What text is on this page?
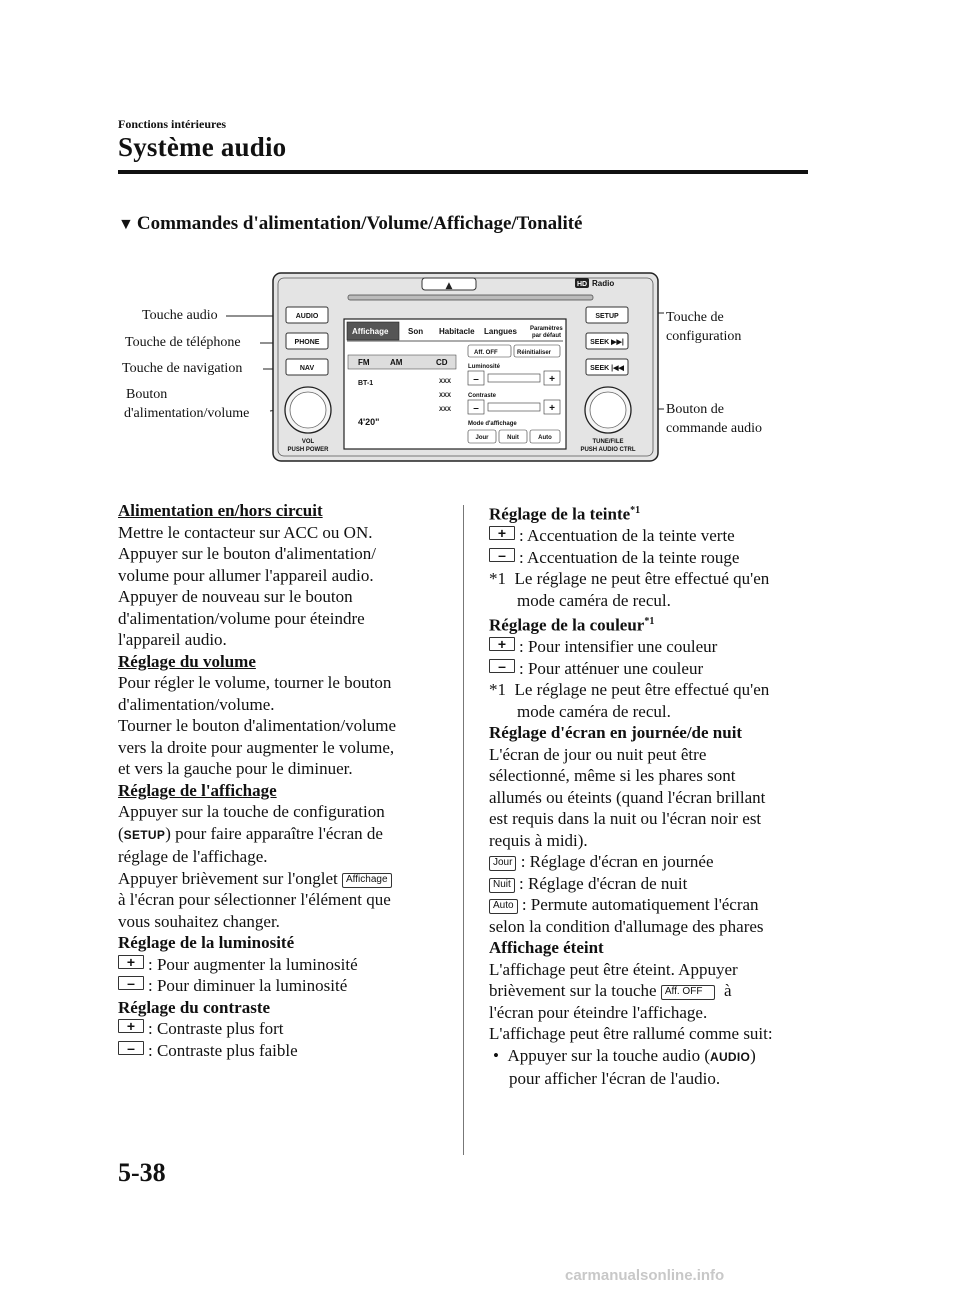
Fonctions intérieures
Système audio
▼ Commandes d'alimentation/Volume/Affichage/Tonalité
▲
AUDIO
PHONE
NAV
SETUP
SEEK ▶▶|
SEEK |◀◀
VOL
PUSH POWER
TUNE/FILE
PUSH AUDIO CTRL
HD Radio
Affichage Son Habitacle Langues Paramètres
par défaut
FM	AM	CD
BT-1
4'20"
XXX
XXX
XXX
Aff. OFF	Réinitialiser
Luminosité
Contraste
Mode d'affichage
–	+
–	+
Jour	Nuit	Auto
Touche audio
Touche de téléphone
Touche de navigation
Bouton
d'alimentation/volume
Touche de
configuration
Bouton de
commande audio

Alimentation en/hors circuit

Mettre le contacteur sur ACC ou ON.

Appuyer sur le bouton d'alimentation/

volume pour allumer l'appareil audio.

Appuyer de nouveau sur le bouton

d'alimentation/volume pour éteindre

l'appareil audio.

Réglage du volume

Pour régler le volume, tourner le bouton

d'alimentation/volume.

Tourner le bouton d'alimentation/volume

vers la droite pour augmenter le volume,

et vers la gauche pour le diminuer.

Réglage de l'affichage

Appuyer sur la touche de configuration

(SETUP) pour faire apparaître l'écran de

réglage de l'affichage.

Appuyer brièvement sur l'onglet Affichage

à l'écran pour sélectionner l'élément que

vous souhaitez changer.

Réglage de la luminosité

+ : Pour augmenter la luminosité

– : Pour diminuer la luminosité

Réglage du contraste

+ : Contraste plus fort

– : Contraste plus faible

Réglage de la teinte$^{*1}$

+ : Accentuation de la teinte verte

– : Accentuation de la teinte rouge

*1 Le réglage ne peut être effectué qu'en

mode caméra de recul.

Réglage de la couleur$^{*1}$

+ : Pour intensifier une couleur

– : Pour atténuer une couleur

*1 Le réglage ne peut être effectué qu'en

mode caméra de recul.

Réglage d'écran en journée/de nuit

L'écran de jour ou nuit peut être

sélectionné, même si les phares sont

allumés ou éteints (quand l'écran brillant

est requis dans la nuit ou l'écran noir est

requis à midi).

Jour : Réglage d'écran en journée

Nuit : Réglage d'écran de nuit

Auto : Permute automatiquement l'écran

selon la condition d'allumage des phares

Affichage éteint

L'affichage peut être éteint. Appuyer

brièvement sur la touche Aff. OFF à

l'écran pour éteindre l'affichage.

L'affichage peut être rallumé comme suit:

• Appuyer sur la touche audio (AUDIO)

pour afficher l'écran de l'audio.

5-38
carmanualsonline.info
